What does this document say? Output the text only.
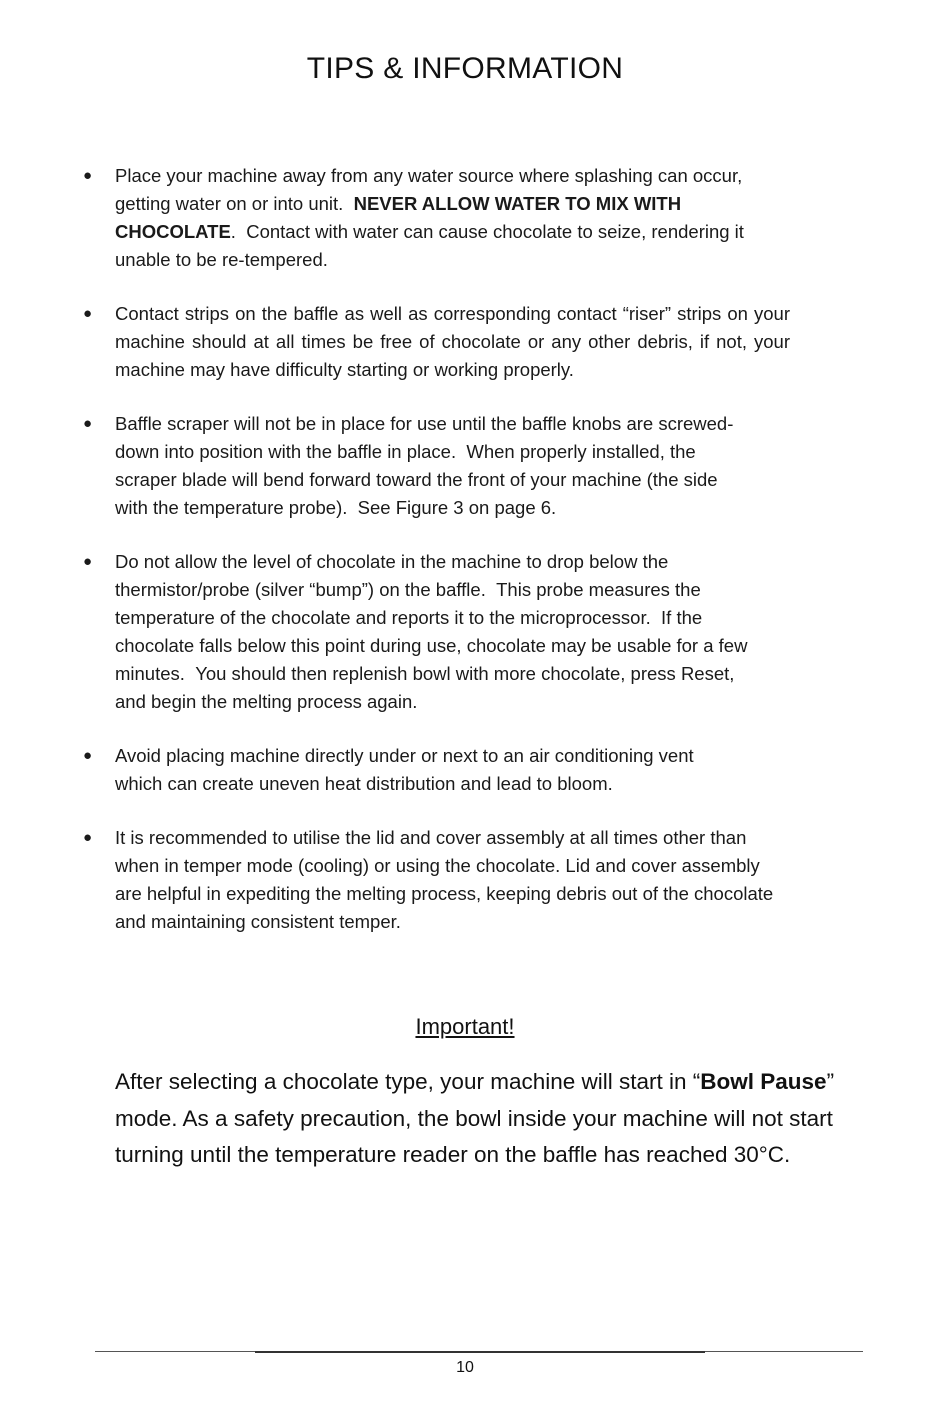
TIPS & INFORMATION
● Place your machine away from any water source where splashing can occur, getting water on or into unit.  NEVER ALLOW WATER TO MIX WITH CHOCOLATE.  Contact with water can cause chocolate to seize, rendering it unable to be re-tempered.
● Contact strips on the baffle as well as corresponding contact “riser” strips on your machine should at all times be free of chocolate or any other debris, if not, your machine may have difficulty starting or working properly.
● Baffle scraper will not be in place for use until the baffle knobs are screwed-down into position with the baffle in place.  When properly installed, the scraper blade will bend forward toward the front of your machine (the side with the temperature probe).  See Figure 3 on page 6.
● Do not allow the level of chocolate in the machine to drop below the thermistor/probe (silver “bump”) on the baffle.  This probe measures the temperature of the chocolate and reports it to the microprocessor.  If the chocolate falls below this point during use, chocolate may be usable for a few minutes.  You should then replenish bowl with more chocolate, press Reset, and begin the melting process again.
● Avoid placing machine directly under or next to an air conditioning vent which can create uneven heat distribution and lead to bloom.
● It is recommended to utilise the lid and cover assembly at all times other than when in temper mode (cooling) or using the chocolate. Lid and cover assembly are helpful in expediting the melting process, keeping debris out of the chocolate and maintaining consistent temper.
Important!
After selecting a chocolate type, your machine will start in “Bowl Pause” mode. As a safety precaution, the bowl inside your machine will not start turning until the temperature reader on the baffle has reached 30°C.
10
